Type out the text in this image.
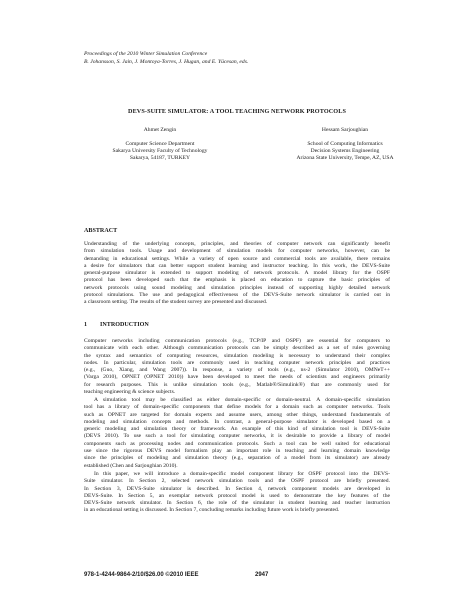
Proceedings of the 2010 Winter Simulation Conference
B. Johansson, S. Jain, J. Montoya-Torres, J. Hugan, and E. Yücesan, eds.
DEVS-SUITE SIMULATOR: A TOOL TEACHING NETWORK PROTOCOLS
Ahmet Zengin
Computer Science Department
Sakarya University Faculty of Technology
Sakarya, 54187, TURKEY
Hessam Sarjoughian
School of Computing Informatics
Decision Systems Engineering
Arizona State University, Tempe, AZ, USA
ABSTRACT
Understanding of the underlying concepts, principles, and theories of computer network can significantly benefit
from simulation tools. Usage and development of simulation models for computer networks, however, can be
demanding in educational settings. While a variety of open source and commercial tools are available, there remains
a desire for simulators that can better support student learning and instructor teaching. In this work, the DEVS-Suite
general-purpose simulator is extended to support modeling of network protocols. A model library for the OSPF
protocol has been developed such that the emphasis is placed on education to capture the basic principles of
network protocols using sound modeling and simulation principles instead of supporting highly detailed network
protocol simulations. The use and pedagogical effectiveness of the DEVS-Suite network simulator is carried out in
a classroom setting. The results of the student survey are presented and discussed.
1 INTRODUCTION
Computer networks including communication protocols (e.g., TCP/IP and OSPF) are essential for computers to
communicate with each other. Although communication protocols can be simply described as a set of rules governing
the syntax and semantics of computing resources, simulation modeling is necessary to understand their complex
nodes. In particular, simulation tools are commonly used in teaching computer network principles and practices
(e.g., (Guo, Xiang, and Wang 2007)). In response, a variety of tools (e.g., ns-2 (Simulator 2010), OMNeT++
(Varga 2010), OPNET (OPNET 2010)) have been developed to meet the needs of scientists and engineers primarily
for research purposes. This is unlike simulation tools (e.g., Matlab®/Simulink®) that are commonly used for
teaching engineering & science subjects.
A simulation tool may be classified as either domain-specific or domain-neutral. A domain-specific simulation
tool has a library of domain-specific components that define models for a domain such as computer networks. Tools
such as OPNET are targeted for domain experts and assume users, among other things, understand fundamentals of
modeling and simulation concepts and methods. In contrast, a general-purpose simulator is developed based on a
generic modeling and simulation theory or framework. An example of this kind of simulation tool is DEVS-Suite
(DEVS 2010). To use such a tool for simulating computer networks, it is desirable to provide a library of model
components such as processing nodes and communication protocols. Such a tool can be well suited for educational
use since the rigorous DEVS model formalism play an important role in teaching and learning domain knowledge
since the principles of modeling and simulation theory (e.g., separation of a model from its simulator) are already
established (Chen and Sarjoughian 2010).
In this paper, we will introduce a domain-specific model component library for OSPF protocol into the DEVS-
Suite simulator. In Section 2, selected network simulation tools and the OSPF protocol are briefly presented.
In Section 3, DEVS-Suite simulator is described. In Section 4, network component models are developed in
DEVS-Suite. In Section 5, an exemplar network protocol model is used to demonstrate the key features of the
DEVS-Suite network simulator. In Section 6, the role of the simulator in student learning and teacher instruction
in an educational setting is discussed. In Section 7, concluding remarks including future work is briefly presented.
978-1-4244-9864-2/10/$26.00 ©2010 IEEE	2947
